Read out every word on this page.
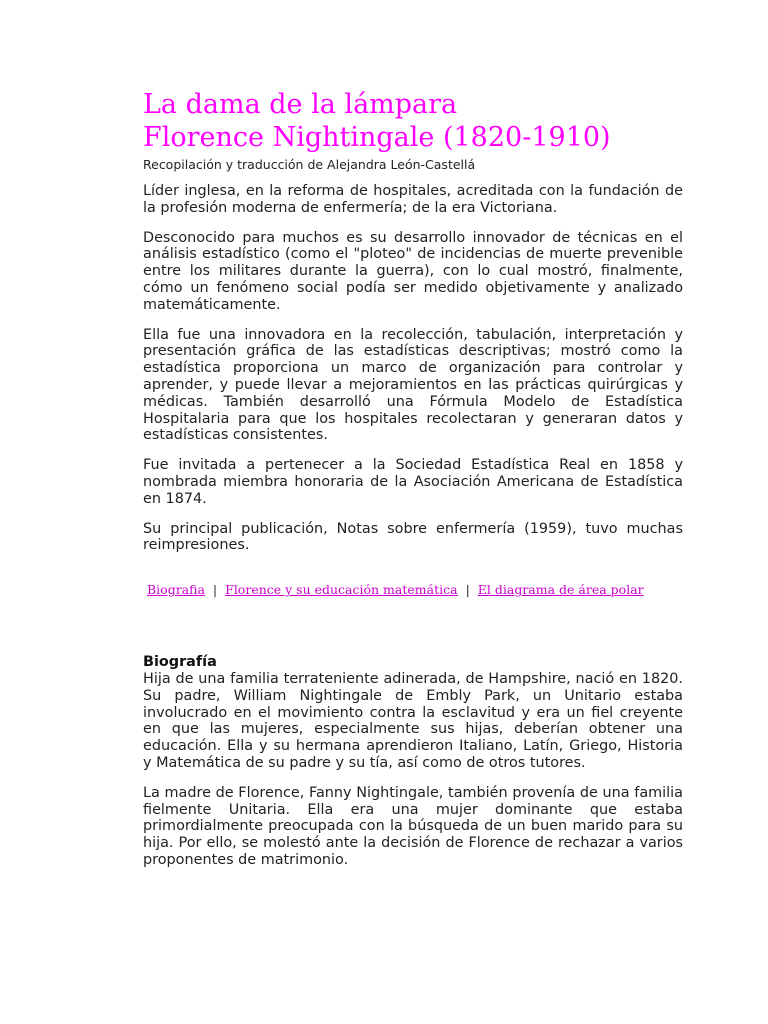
La dama de la lámpara
Florence Nightingale (1820-1910)
Recopilación y traducción de Alejandra León-Castellá

Líder inglesa, en la reforma de hospitales, acreditada con la fundación de la profesión moderna de enfermería; de la era Victoriana.

Desconocido para muchos es su desarrollo innovador de técnicas en el análisis estadístico (como el "ploteo" de incidencias de muerte prevenible entre los militares durante la guerra), con lo cual mostró, finalmente, cómo un fenómeno social podía ser medido objetivamente y analizado matemáticamente.

Ella fue una innovadora en la recolección, tabulación, interpretación y presentación gráfica de las estadísticas descriptivas; mostró como la estadística proporciona un marco de organización para controlar y aprender, y puede llevar a mejoramientos en las prácticas quirúrgicas y médicas. También desarrolló una Fórmula Modelo de Estadística Hospitalaria para que los hospitales recolectaran y generaran datos y estadísticas consistentes.

Fue invitada a pertenecer a la Sociedad Estadística Real en 1858 y nombrada miembra honoraria de la Asociación Americana de Estadística en 1874.

Su principal publicación, Notas sobre enfermería (1959), tuvo muchas reimpresiones.

Biografia | Florence y su educación matemática | El diagrama de área polar
Biografía

Hija de una familia terrateniente adinerada, de Hampshire, nació en 1820. Su padre, William Nightingale de Embly Park, un Unitario estaba involucrado en el movimiento contra la esclavitud y era un fiel creyente en que las mujeres, especialmente sus hijas, deberían obtener una educación. Ella y su hermana aprendieron Italiano, Latín, Griego, Historia y Matemática de su padre y su tía, así como de otros tutores.

La madre de Florence, Fanny Nightingale, también provenía de una familia fielmente Unitaria. Ella era una mujer dominante que estaba primordialmente preocupada con la búsqueda de un buen marido para su hija. Por ello, se molestó ante la decisión de Florence de rechazar a varios proponentes de matrimonio.
